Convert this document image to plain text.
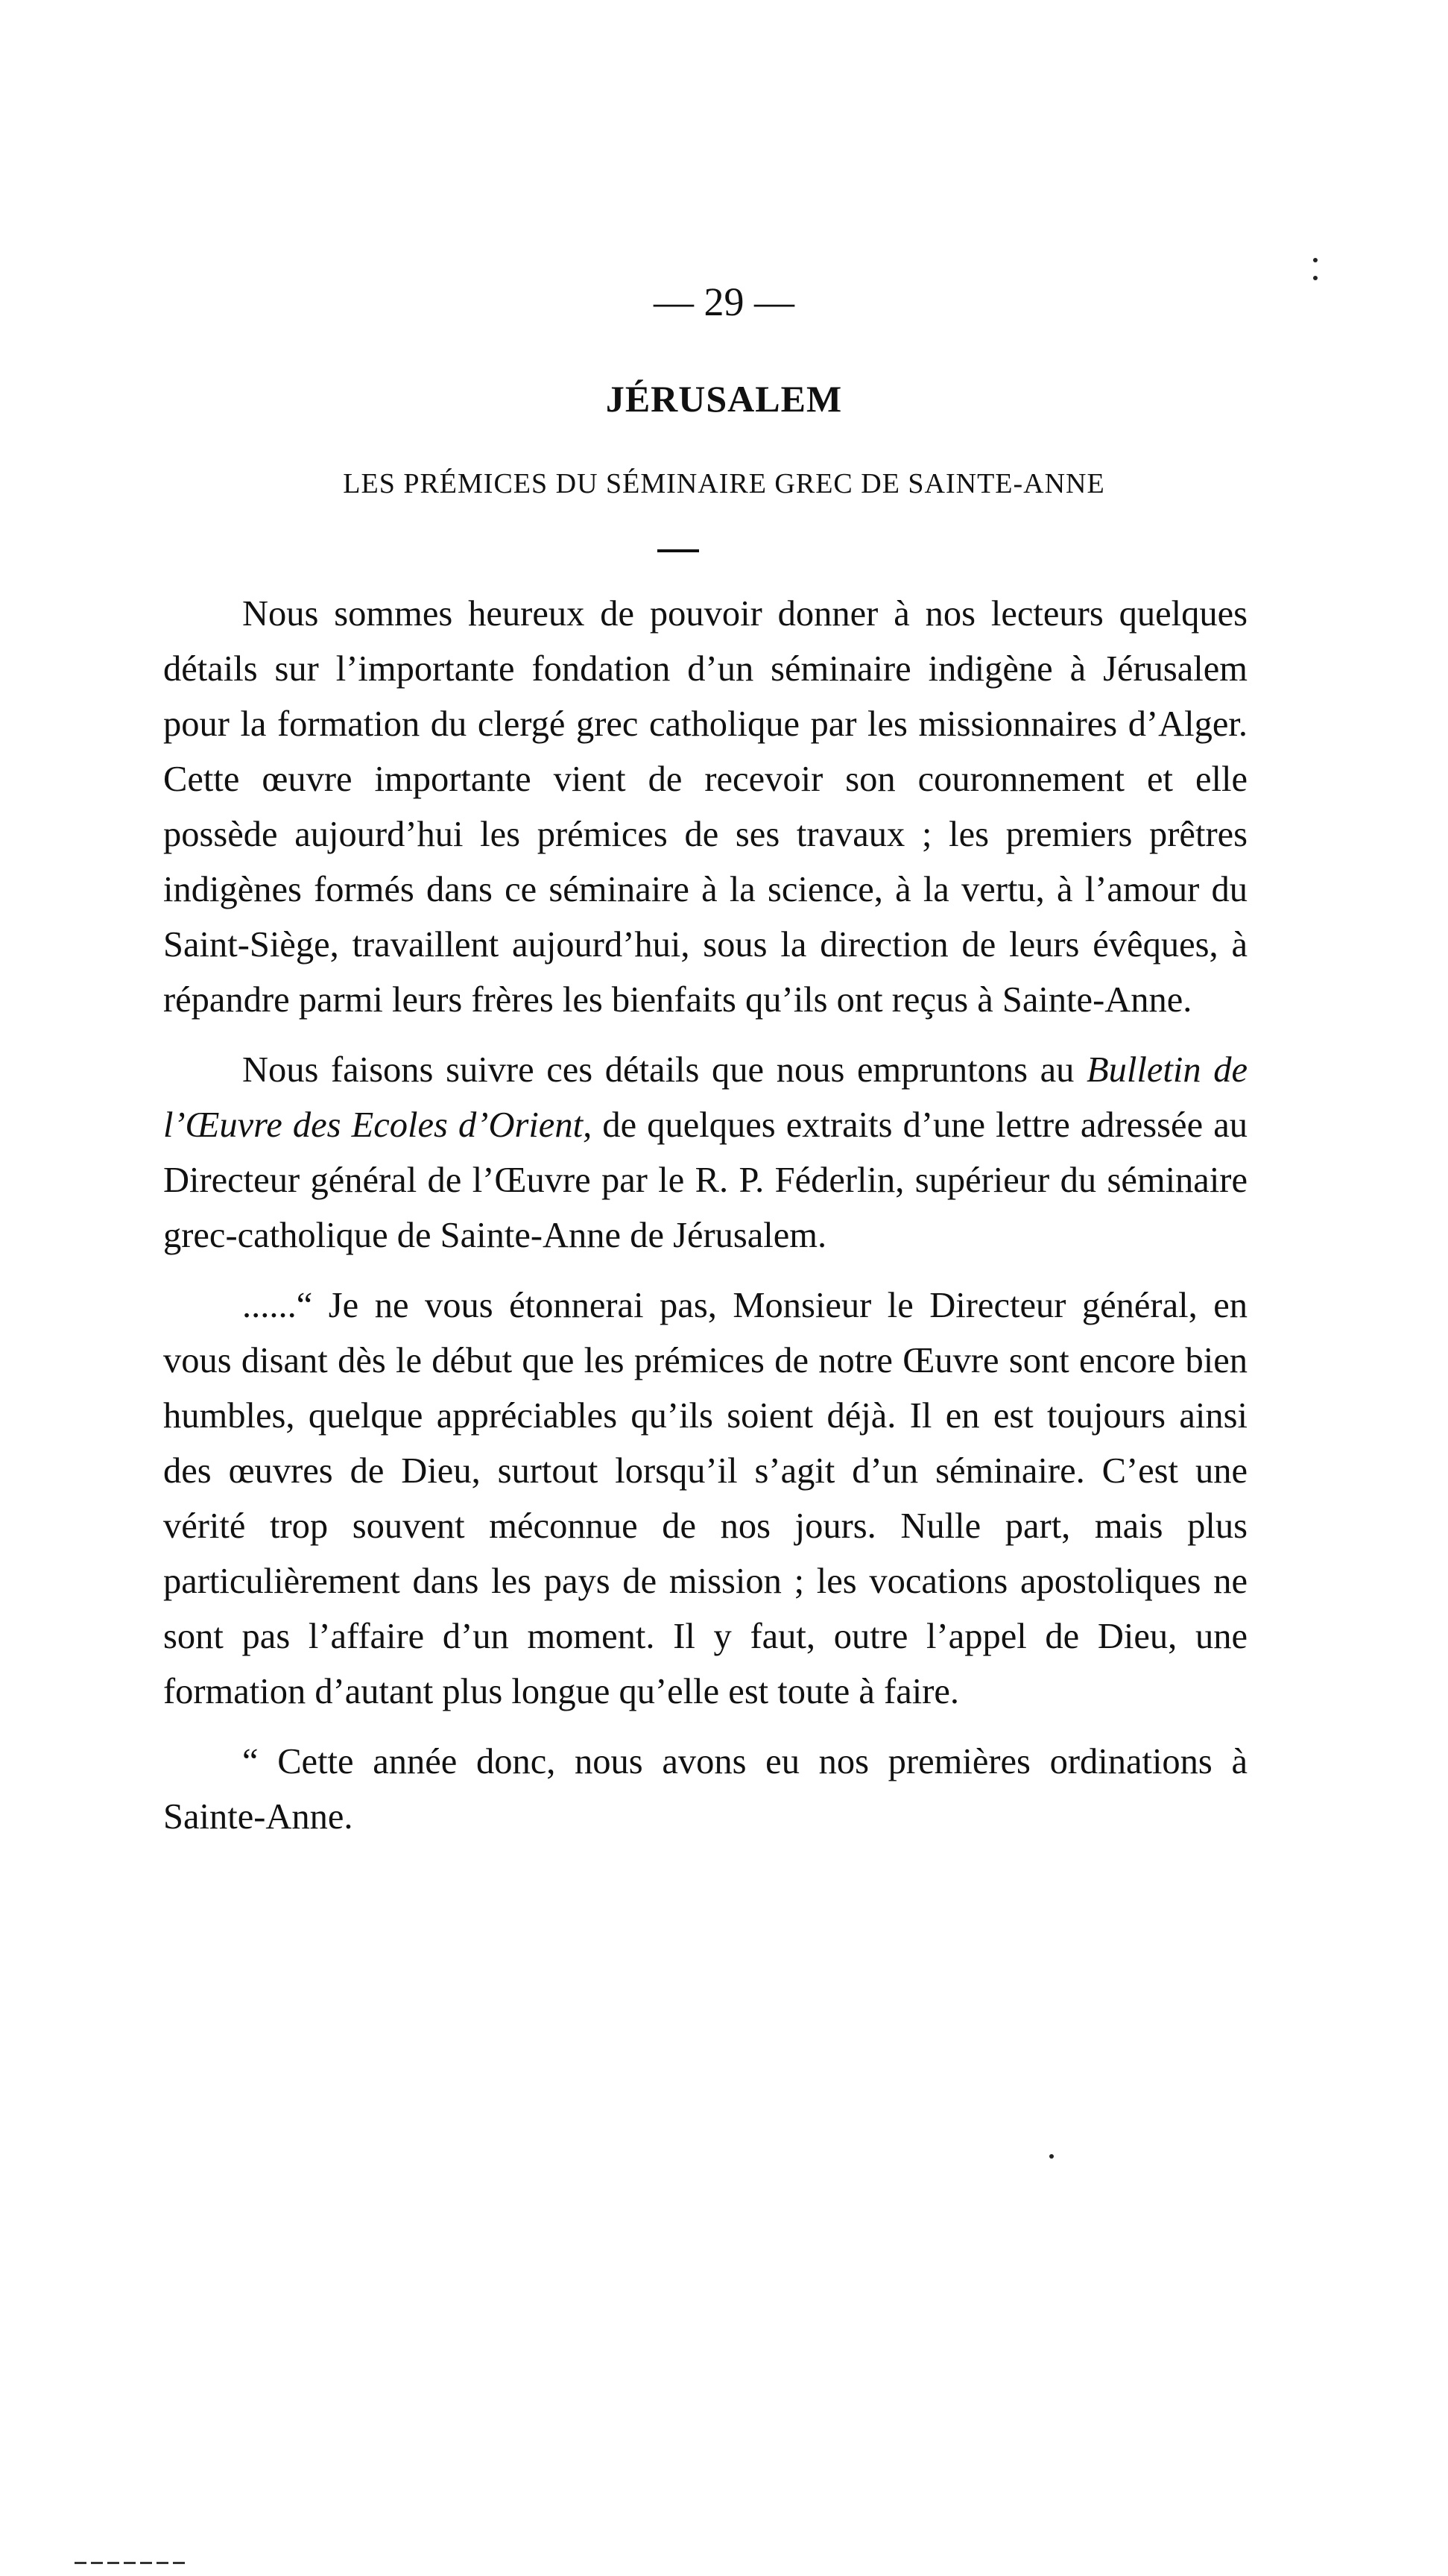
— 29 —
JÉRUSALEM
LES PRÉMICES DU SÉMINAIRE GREC DE SAINTE-ANNE

Nous sommes heureux de pouvoir donner à nos lecteurs quelques détails sur l’importante fondation d’un séminaire indigène à Jérusalem pour la formation du clergé grec catholique par les missionnaires d’Alger. Cette œuvre importante vient de recevoir son couronnement et elle possède aujourd’hui les prémices de ses travaux ; les premiers prêtres indigènes formés dans ce séminaire à la science, à la vertu, à l’amour du Saint-Siège, travaillent aujourd’hui, sous la direction de leurs évêques, à répandre parmi leurs frères les bienfaits qu’ils ont reçus à Sainte-Anne.

Nous faisons suivre ces détails que nous empruntons au Bulletin de l’Œuvre des Ecoles d’Orient, de quelques extraits d’une lettre adressée au Directeur général de l’Œuvre par le R. P. Féderlin, supérieur du séminaire grec-catholique de Sainte-Anne de Jérusalem.

......“ Je ne vous étonnerai pas, Monsieur le Directeur général, en vous disant dès le début que les prémices de notre Œuvre sont encore bien humbles, quelque appréciables qu’ils soient déjà. Il en est toujours ainsi des œuvres de Dieu, surtout lorsqu’il s’agit d’un séminaire. C’est une vérité trop souvent méconnue de nos jours. Nulle part, mais plus particulièrement dans les pays de mission ; les vocations apostoliques ne sont pas l’affaire d’un moment. Il y faut, outre l’appel de Dieu, une formation d’autant plus longue qu’elle est toute à faire.

“ Cette année donc, nous avons eu nos premières ordinations à Sainte-Anne.
